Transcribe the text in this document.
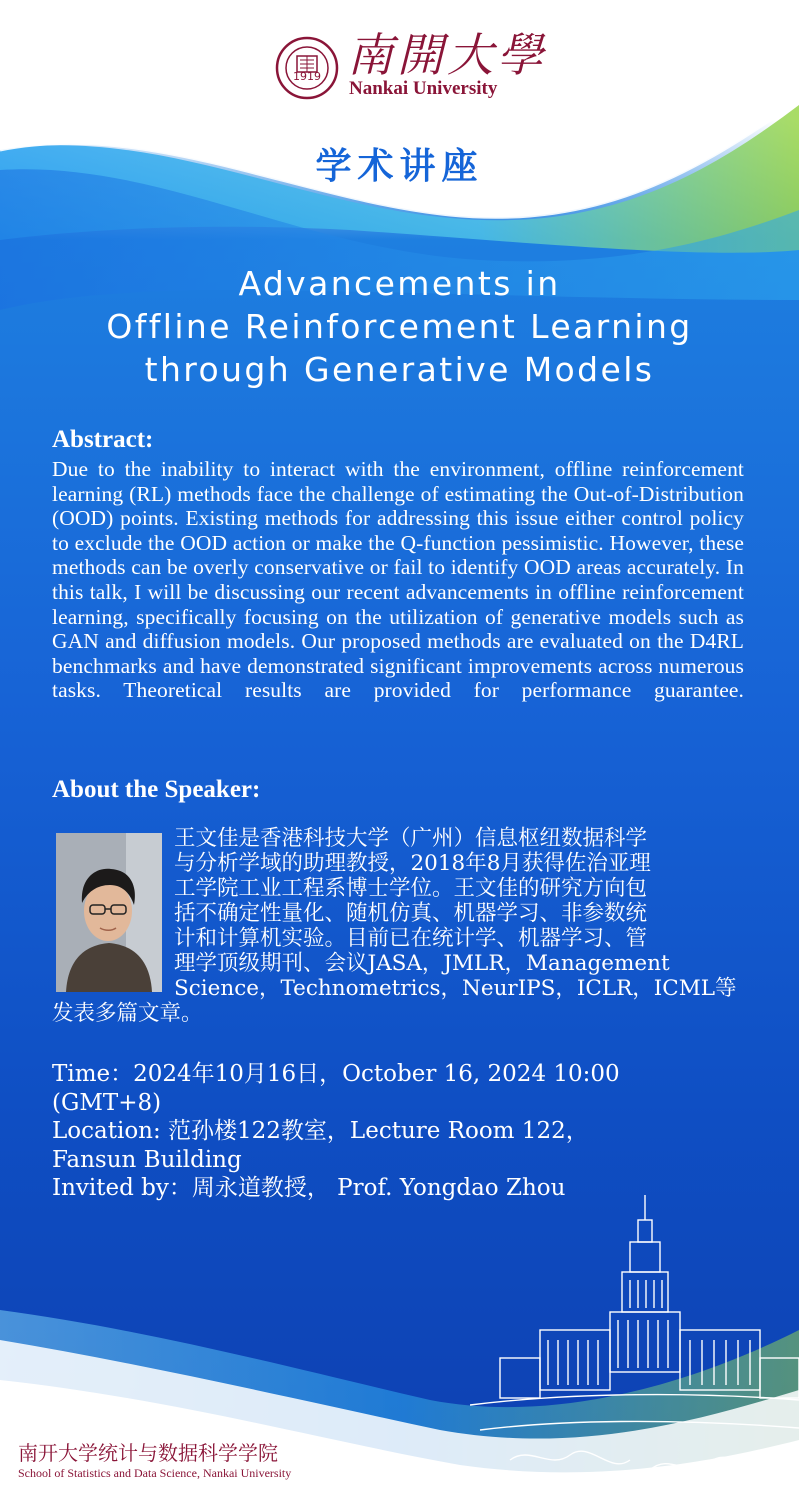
1919 南開大學
Nankai University
学术讲座
Advancements in
Offline Reinforcement Learning
through Generative Models
Abstract:
Due to the inability to interact with the environment, offline reinforcement learning (RL) methods face the challenge of estimating the Out-of-Distribution (OOD) points. Existing methods for addressing this issue either control policy to exclude the OOD action or make the Q-function pessimistic. However, these methods can be overly conservative or fail to identify OOD areas accurately. In this talk, I will be discussing our recent advancements in offline reinforcement learning, specifically focusing on the utilization of generative models such as GAN and diffusion models. Our proposed methods are evaluated on the D4RL benchmarks and have demonstrated significant improvements across numerous tasks. Theoretical results are provided for performance guarantee.
About the Speaker:
王文佳是香港科技大学（广州）信息枢纽数据科学
与分析学域的助理教授，2018年8月获得佐治亚理
工学院工业工程系博士学位。王文佳的研究方向包
括不确定性量化、随机仿真、机器学习、非参数统
计和计算机实验。目前已在统计学、机器学习、管
理学顶级期刊、会议JASA，JMLR，Management
Science，Technometrics，NeurIPS，ICLR，ICML等
发表多篇文章。
Time：2024年10月16日，October 16, 2024 10:00
(GMT+8)
Location: 范孙楼122教室，Lecture Room 122，
Fansun Building
Invited by：周永道教授， Prof. Yongdao Zhou
南开大学统计与数据科学学院
School of Statistics and Data Science, Nankai University
